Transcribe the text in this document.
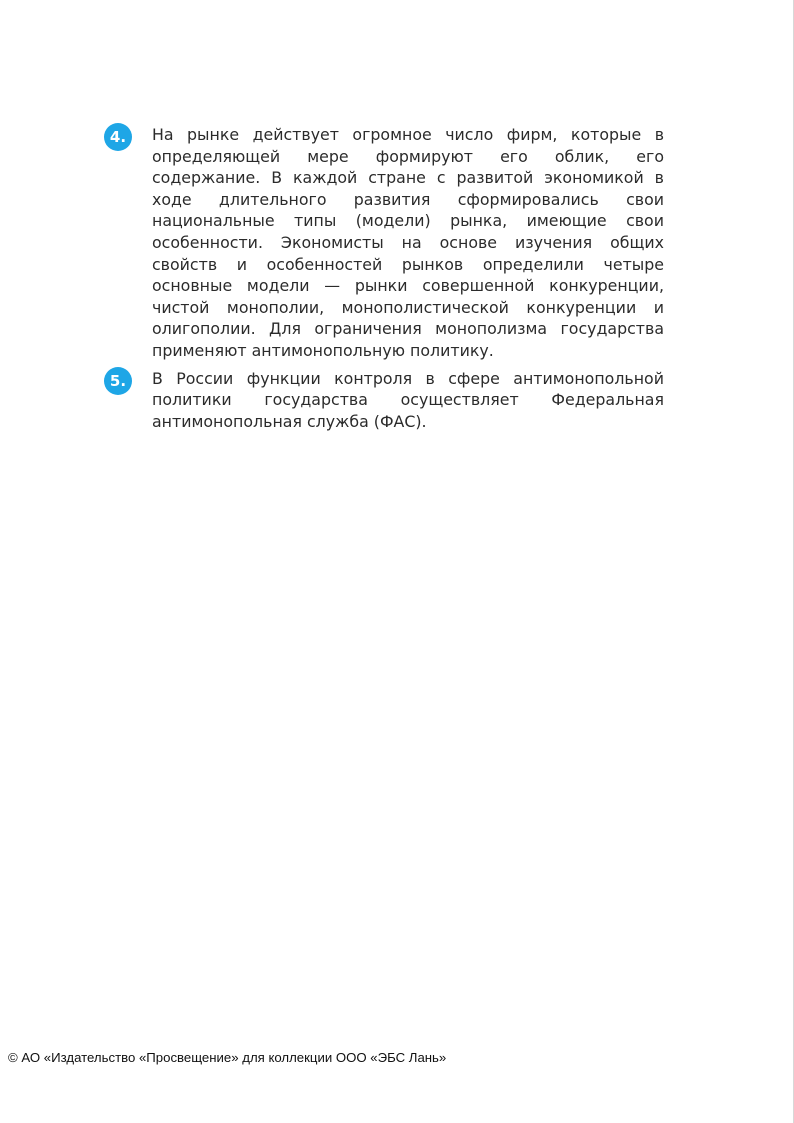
4.	На рынке действует огромное число фирм, которые в определяющей мере формируют его облик, его содержание. В каждой стране с развитой экономикой в ходе длительного развития сформировались свои национальные типы (модели) рынка, имеющие свои особенности. Экономисты на основе изучения общих свойств и особенностей рынков определили четыре основные модели — рынки совершенной конкуренции, чистой монополии, монополистической конкуренции и олигополии. Для ограничения монополизма государства применяют антимонопольную политику.
5.	В России функции контроля в сфере антимонопольной политики государства осуществляет Федеральная антимонопольная служба (ФАС).
© АО «Издательство «Просвещение» для коллекции ООО «ЭБС Лань»
